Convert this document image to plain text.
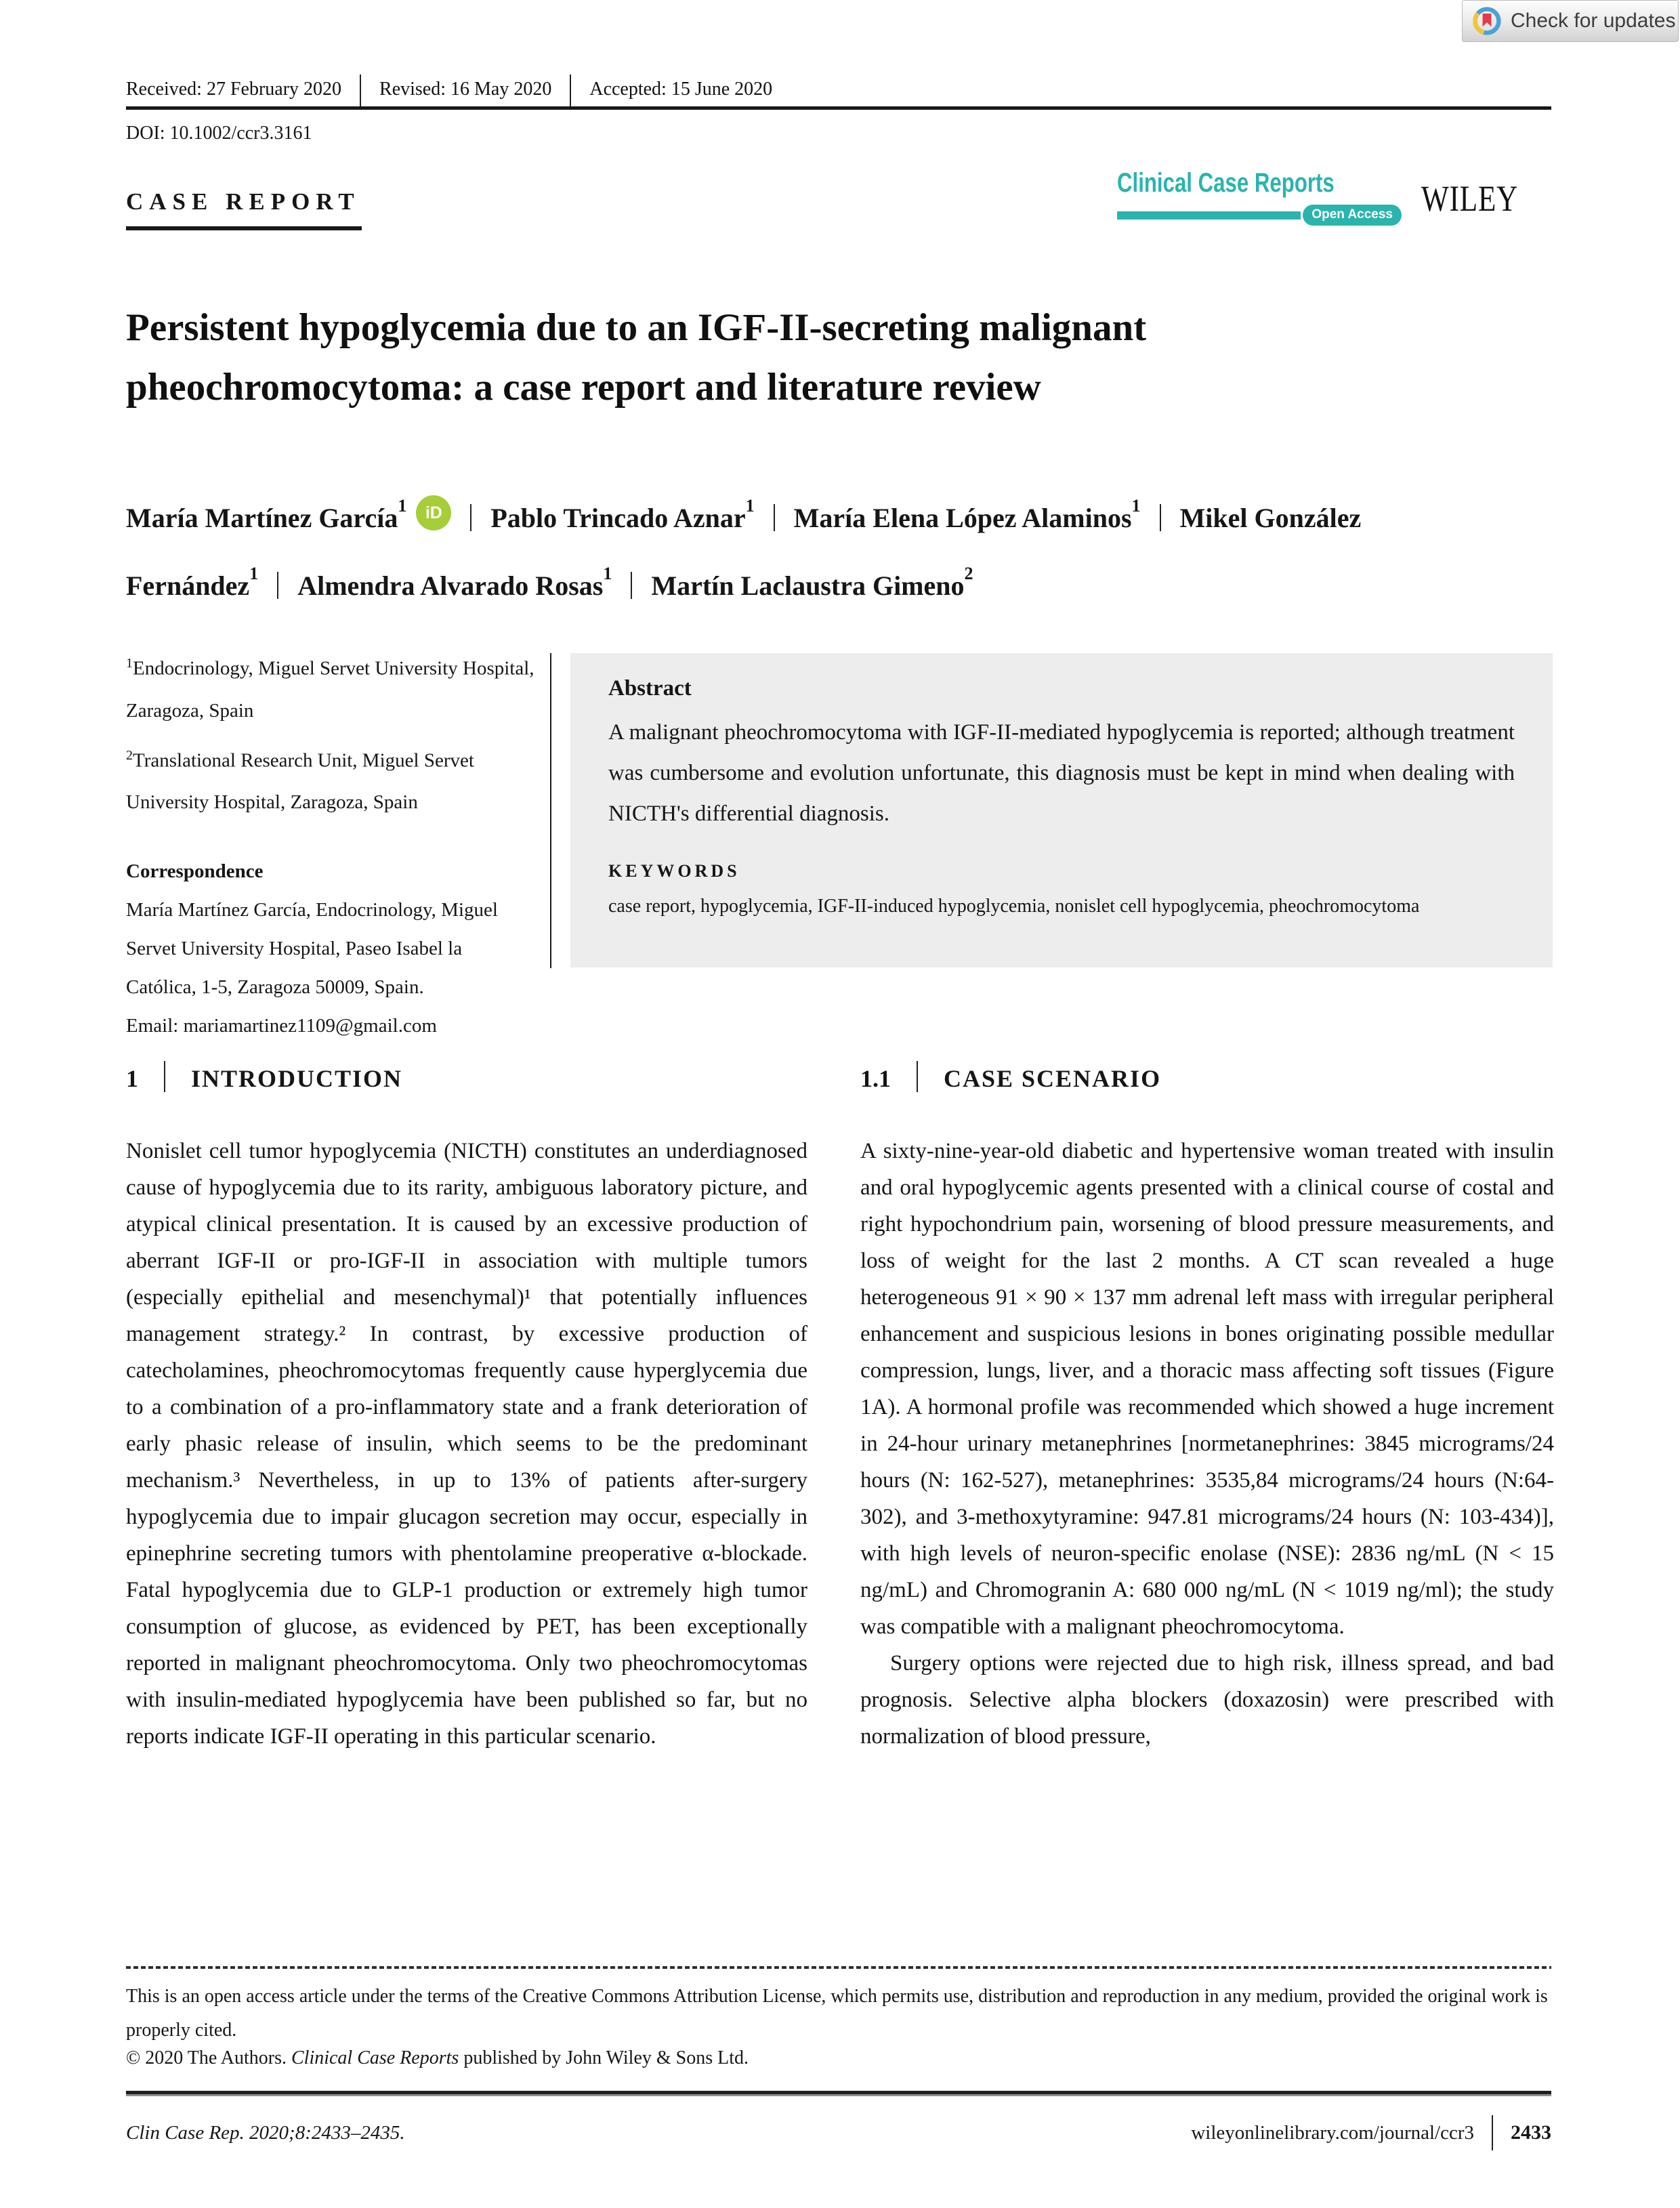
Check for updates
Received: 27 February 2020	Revised: 16 May 2020	Accepted: 15 June 2020
DOI: 10.1002/ccr3.3161
CASE REPORT
Clinical Case Reports
Open Access WILEY
Persistent hypoglycemia due to an IGF-II-secreting malignant pheochromocytoma: a case report and literature review
María Martínez García$^1$ iD Pablo Trincado Aznar$^1$ María Elena López Alaminos$^1$ Mikel González Fernández$^1$ Almendra Alvarado Rosas$^1$ Martín Laclaustra Gimeno$^2$

$^1$Endocrinology, Miguel Servet University Hospital, Zaragoza, Spain

$^2$Translational Research Unit, Miguel Servet University Hospital, Zaragoza, Spain

Correspondence
María Martínez García, Endocrinology, Miguel Servet University Hospital, Paseo Isabel la Católica, 1-5, Zaragoza 50009, Spain.
Email: mariamartinez1109@gmail.com
Abstract

A malignant pheochromocytoma with IGF-II-mediated hypoglycemia is reported; although treatment was cumbersome and evolution unfortunate, this diagnosis must be kept in mind when dealing with NICTH's differential diagnosis.

KEYWORDS

case report, hypoglycemia, IGF-II-induced hypoglycemia, nonislet cell hypoglycemia, pheochromocytoma

1 INTRODUCTION	1.1 CASE SCENARIO

Nonislet cell tumor hypoglycemia (NICTH) constitutes an underdiagnosed cause of hypoglycemia due to its rarity, ambiguous laboratory picture, and atypical clinical presentation. It is caused by an excessive production of aberrant IGF-II or pro-IGF-II in association with multiple tumors (especially epithelial and mesenchymal)¹ that potentially influences management strategy.² In contrast, by excessive production of catecholamines, pheochromocytomas frequently cause hyperglycemia due to a combination of a pro-inflammatory state and a frank deterioration of early phasic release of insulin, which seems to be the predominant mechanism.³ Nevertheless, in up to 13% of patients after-surgery hypoglycemia due to impair glucagon secretion may occur, especially in epinephrine secreting tumors with phentolamine preoperative α-blockade. Fatal hypoglycemia due to GLP-1 production or extremely high tumor consumption of glucose, as evidenced by PET, has been exceptionally reported in malignant pheochromocytoma. Only two pheochromocytomas with insulin-mediated hypoglycemia have been published so far, but no reports indicate IGF-II operating in this particular scenario.

A sixty-nine-year-old diabetic and hypertensive woman treated with insulin and oral hypoglycemic agents presented with a clinical course of costal and right hypochondrium pain, worsening of blood pressure measurements, and loss of weight for the last 2 months. A CT scan revealed a huge heterogeneous 91 × 90 × 137 mm adrenal left mass with irregular peripheral enhancement and suspicious lesions in bones originating possible medullar compression, lungs, liver, and a thoracic mass affecting soft tissues (Figure 1A). A hormonal profile was recommended which showed a huge increment in 24-hour urinary metanephrines [normetanephrines: 3845 micrograms/24 hours (N: 162-527), metanephrines: 3535,84 micrograms/24 hours (N:64-302), and 3-methoxytyramine: 947.81 micrograms/24 hours (N: 103-434)], with high levels of neuron-specific enolase (NSE): 2836 ng/mL (N < 15 ng/mL) and Chromogranin A: 680 000 ng/mL (N < 1019 ng/ml); the study was compatible with a malignant pheochromocytoma.

Surgery options were rejected due to high risk, illness spread, and bad prognosis. Selective alpha blockers (doxazosin) were prescribed with normalization of blood pressure,

This is an open access article under the terms of the Creative Commons Attribution License, which permits use, distribution and reproduction in any medium, provided the original work is properly cited.
© 2020 The Authors. Clinical Case Reports published by John Wiley & Sons Ltd.
Clin Case Rep. 2020;8:2433–2435.	wileyonlinelibrary.com/journal/ccr3 2433
